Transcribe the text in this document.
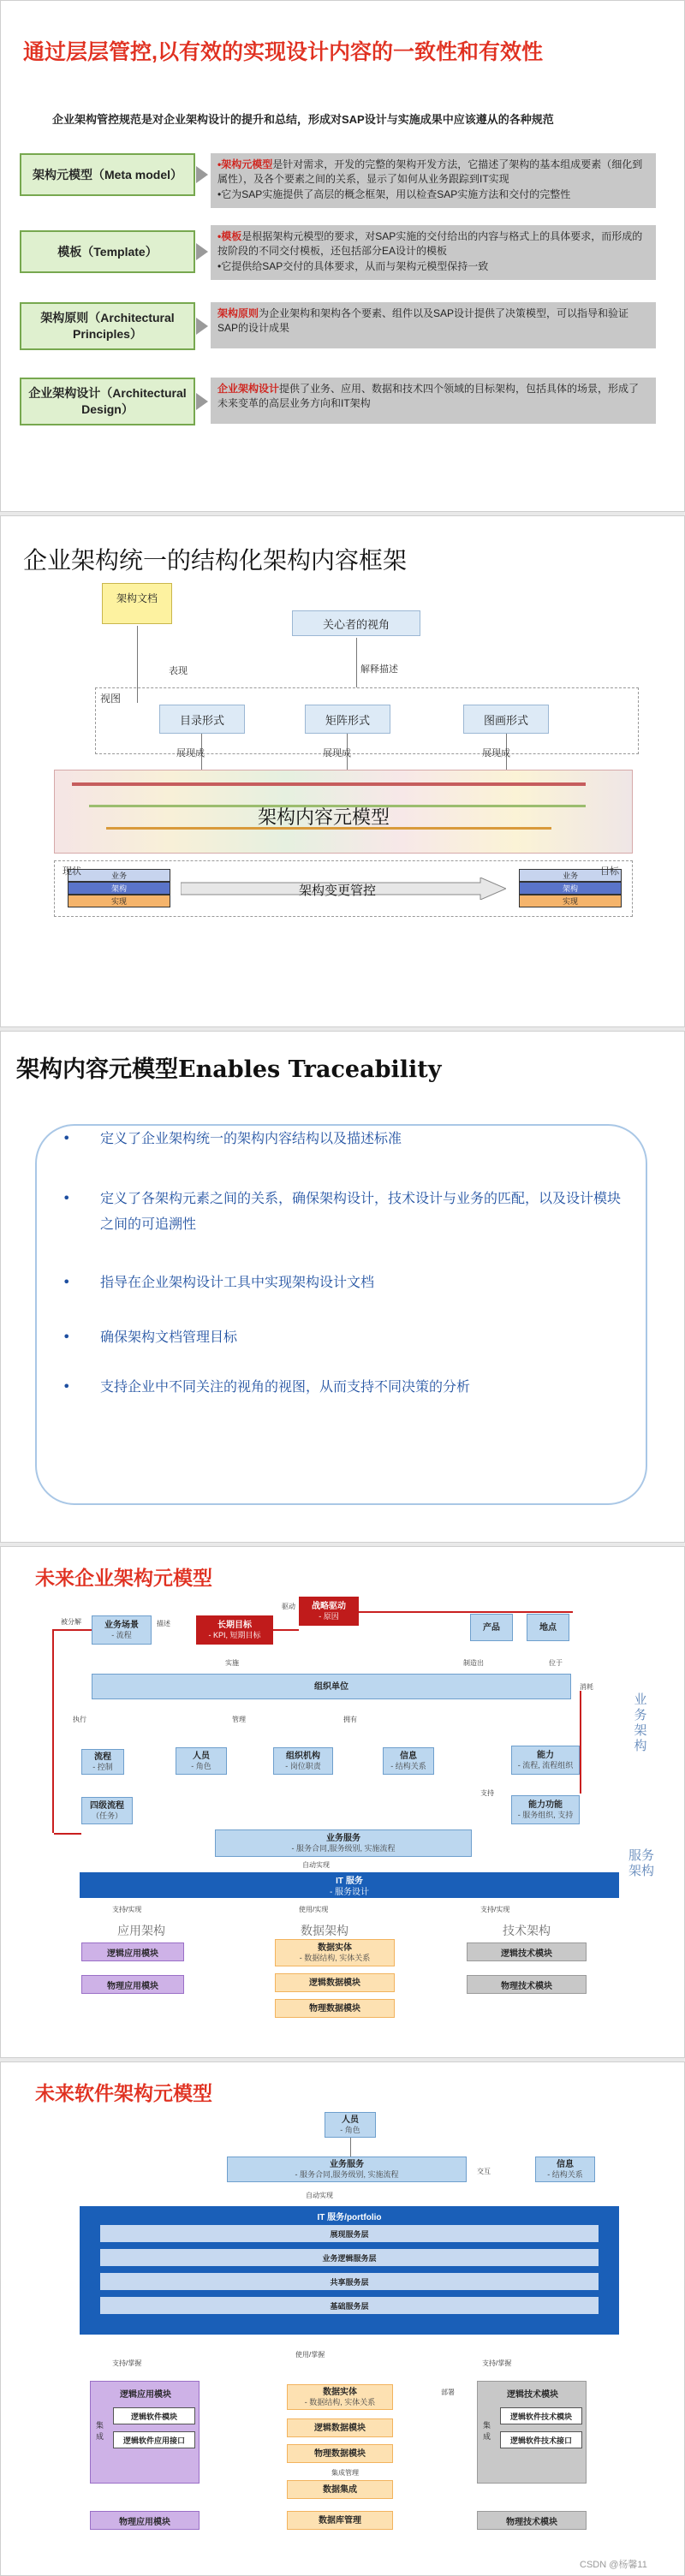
通过层层管控,以有效的实现设计内容的一致性和有效性
企业架构管控规范是对企业架构设计的提升和总结，形成对SAP设计与实施成果中应该遵从的各种规范
架构元模型（Meta model）
•架构元模型是针对需求，开发的完整的架构开发方法，它描述了架构的基本组成要素（细化到属性），及各个要素之间的关系，显示了如何从业务跟踪到IT实现
•它为SAP实施提供了高层的概念框架，用以检查SAP实施方法和交付的完整性
模板（Template）
•模板是根据架构元模型的要求，对SAP实施的交付给出的内容与格式上的具体要求，而形成的按阶段的不同交付模板，还包括部分EA设计的模板
•它提供给SAP交付的具体要求，从而与架构元模型保持一致
架构原则（Architectural Principles）
架构原则为企业架构和架构各个要素、组件以及SAP设计提供了决策模型，可以指导和验证SAP的设计成果
企业架构设计（Architectural Design）
企业架构设计提供了业务、应用、数据和技术四个领域的目标架构，包括具体的场景，形成了未来变革的高层业务方向和IT架构
企业架构统一的结构化架构内容框架
架构文档
关心者的视角
表现	解释描述
视图
目录形式	矩阵形式	图画形式
展现成	展现成	展现成
架构内容元模型
业务
架构
实现
业务
架构
实现
架构变更管控
现状	目标
架构内容元模型Enables Traceability
• 定义了企业架构统一的架构内容结构以及描述标准
• 定义了各架构元素之间的关系，确保架构设计，技术设计与业务的匹配，以及设计模块之间的可追溯性
• 指导在企业架构设计工具中实现架构设计文档
• 确保架构文档管理目标
• 支持企业中不同关注的视角的视图，从而支持不同决策的分析
未来企业架构元模型
业务场景
- 流程
长期目标
- KPI, 短期目标
战略驱动
- 原因
产品	地点
被分解	描述
驱动
实施	制造出	位于
组织单位
执行	管理	拥有
消耗
流程
- 控制
人员
- 角色
组织机构
- 岗位职责
信息
- 结构关系
能力
- 流程, 流程组织
四级流程
（任务）
能力功能
- 服务组织, 支持
支持
业务服务
- 服务合同,服务级别, 实施流程
自动实现
IT 服务
- 服务设计
业务架构
服务架构
支持/实现	使用/实现	支持/实现
应用架构	数据架构	技术架构
逻辑应用模块
物理应用模块
数据实体
- 数据结构, 实体关系
逻辑数据模块
物理数据模块
逻辑技术模块
物理技术模块
未来软件架构元模型
人员
- 角色
业务服务
- 服务合同,服务级别, 实施流程	交互
信息
- 结构关系
自动实现
IT 服务/portfolio
展现服务层
业务逻辑服务层
共享服务层
基础服务层
支持/掌握
使用/掌握
支持/掌握
部署
逻辑应用模块
逻辑软件模块
逻辑软件应用接口
集成
物理应用模块
数据实体
- 数据结构, 实体关系
逻辑数据模块
物理数据模块
集成管理
数据集成
数据库管理
逻辑技术模块
逻辑软件技术模块
逻辑软件技术接口
集成
物理技术模块
CSDN @杨馨11
